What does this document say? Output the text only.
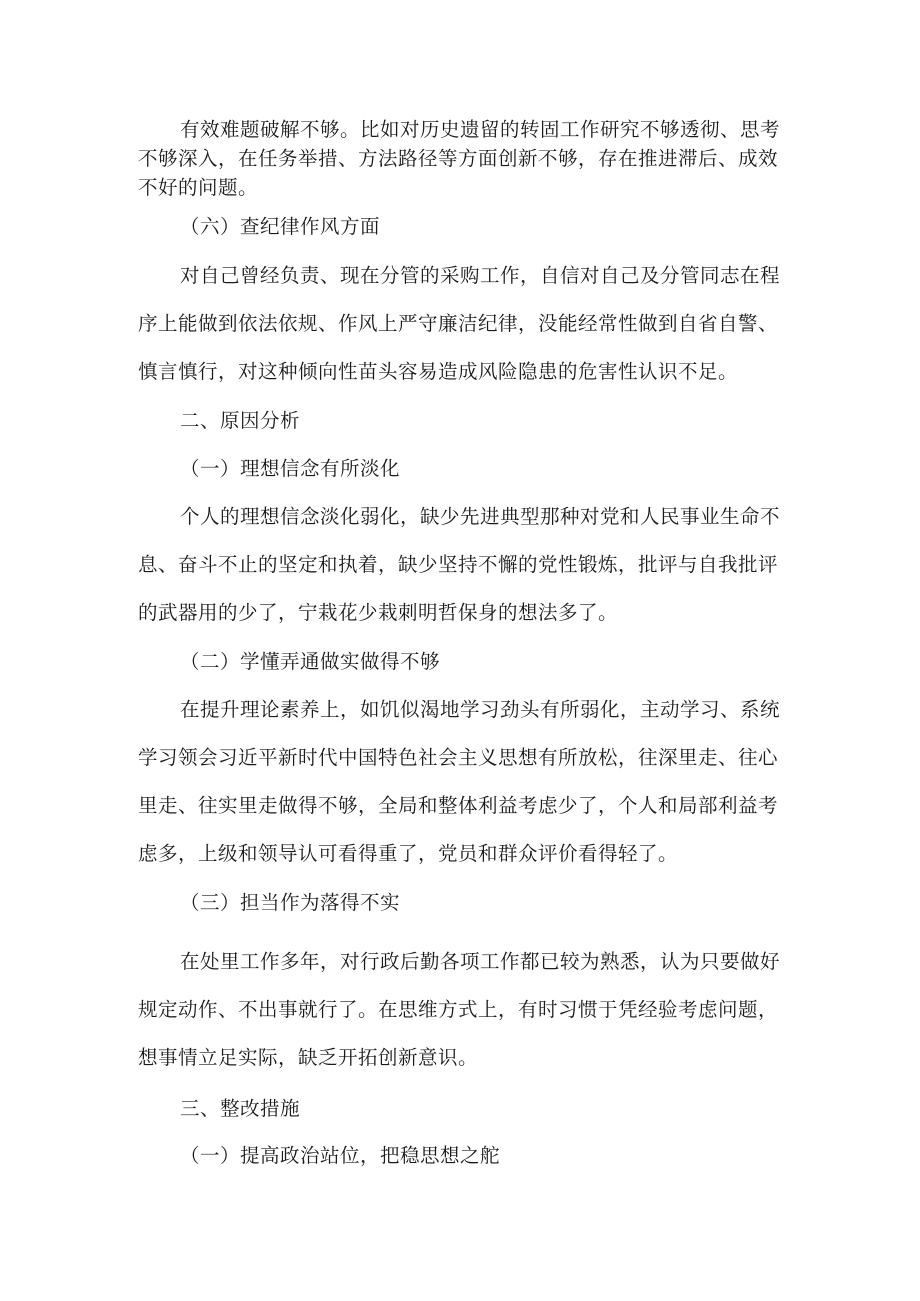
有效难题破解不够。比如对历史遗留的转固工作研究不够透彻、思考
不够深入，在任务举措、方法路径等方面创新不够，存在推进滞后、成效
不好的问题。
（六）查纪律作风方面
对自己曾经负责、现在分管的采购工作，自信对自己及分管同志在程
序上能做到依法依规、作风上严守廉洁纪律，没能经常性做到自省自警、
慎言慎行，对这种倾向性苗头容易造成风险隐患的危害性认识不足。
二、原因分析
（一）理想信念有所淡化
个人的理想信念淡化弱化，缺少先进典型那种对党和人民事业生命不
息、奋斗不止的坚定和执着，缺少坚持不懈的党性锻炼，批评与自我批评
的武器用的少了，宁栽花少栽刺明哲保身的想法多了。
（二）学懂弄通做实做得不够
在提升理论素养上，如饥似渴地学习劲头有所弱化，主动学习、系统
学习领会习近平新时代中国特色社会主义思想有所放松，往深里走、往心
里走、往实里走做得不够，全局和整体利益考虑少了，个人和局部利益考
虑多，上级和领导认可看得重了，党员和群众评价看得轻了。
（三）担当作为落得不实
在处里工作多年，对行政后勤各项工作都已较为熟悉，认为只要做好
规定动作、不出事就行了。在思维方式上，有时习惯于凭经验考虑问题，
想事情立足实际，缺乏开拓创新意识。
三、整改措施
（一）提高政治站位，把稳思想之舵
